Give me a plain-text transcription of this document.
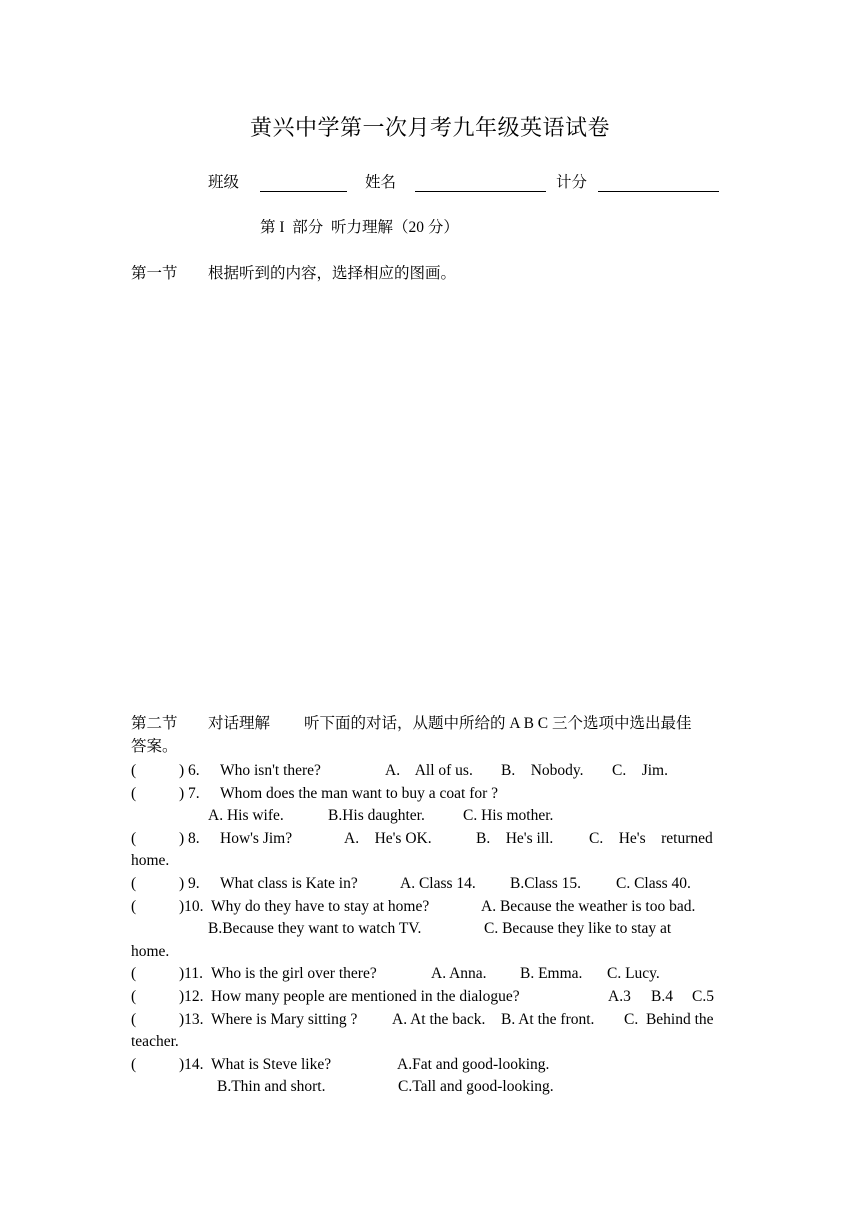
黄兴中学第一次月考九年级英语试卷
班级	姓名	计分
第 I  部分  听力理解（20 分）
第一节 根据听到的内容，选择相应的图画。
第二节 对话理解 听下面的对话，从题中所给的 A B C 三个选项中选出最佳
答案。
(	) 6. Who isn't there?	A.    All of us. B.    Nobody. C.    Jim.
(	) 7. Whom does the man want to buy a coat for ?
A. His wife.	B.His daughter. C. His mother.
(	) 8. How's Jim?	A.    He's OK.	B.    He's ill. C.    He's    returned
home.
(	) 9. What class is Kate in?	A. Class 14. B.Class 15. C. Class 40.
(	)10. Why do they have to stay at home?	A. Because the weather is too bad.
B.Because they want to watch TV.	C. Because they like to stay at
home.
(	)11. Who is the girl over there?	A. Anna. B. Emma. C. Lucy.
(	)12. How many people are mentioned in the dialogue?	A.3 B.4 C.5
(	)13. Where is Mary sitting ? A. At the back. B. At the front. C.  Behind the
teacher.
(	)14. What is Steve like?	A.Fat and good-looking.
B.Thin and short.	C.Tall and good-looking.
